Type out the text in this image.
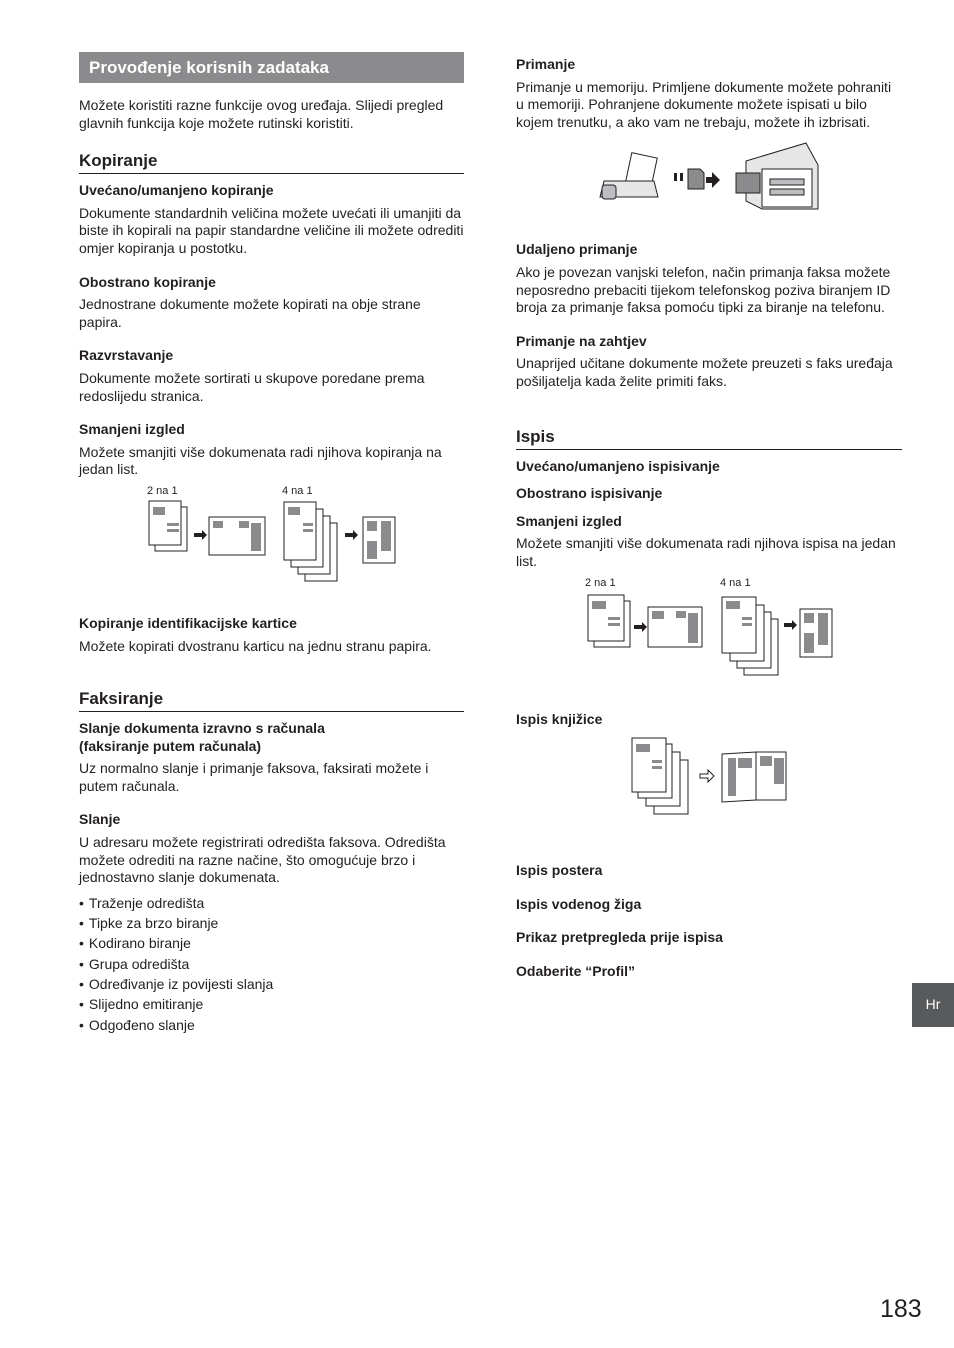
Provođenje korisnih zadataka

Možete koristiti razne funkcije ovog uređaja. Slijedi pregled glavnih funkcija koje možete rutinski koristiti.

Kopiranje
Uvećano/umanjeno kopiranje

Dokumente standardnih veličina možete uvećati ili umanjiti da biste ih kopirali na papir standardne veličine ili možete odrediti omjer kopiranja u postotku.

Obostrano kopiranje

Jednostrane dokumente možete kopirati na obje strane papira.

Razvrstavanje

Dokumente možete sortirati u skupove poredane prema redoslijedu stranica.

Smanjeni izgled

Možete smanjiti više dokumenata radi njihova kopiranja na jedan list.

2 na 1	4 na 1
Kopiranje identifikacijske kartice

Možete kopirati dvostranu karticu na jednu stranu papira.

Faksiranje
Slanje dokumenta izravno s računala
(faksiranje putem računala)

Uz normalno slanje i primanje faksova, faksirati možete i putem računala.

Slanje

U adresaru možete registrirati odredišta faksova. Odredišta možete odrediti na razne načine, što omogućuje brzo i jednostavno slanje dokumenata.

• Traženje odredišta
• Tipke za brzo biranje
• Kodirano biranje
• Grupa odredišta
• Određivanje iz povijesti slanja
• Slijedno emitiranje
• Odgođeno slanje
Primanje

Primanje u memoriju. Primljene dokumente možete pohraniti u memoriji. Pohranjene dokumente možete ispisati u bilo kojem trenutku, a ako vam ne trebaju, možete ih izbrisati.

Udaljeno primanje

Ako je povezan vanjski telefon, način primanja faksa možete neposredno prebaciti tijekom telefonskog poziva biranjem ID broja za primanje faksa pomoću tipki za biranje na telefonu.

Primanje na zahtjev

Unaprijed učitane dokumente možete preuzeti s faks uređaja pošiljatelja kada želite primiti faks.

Ispis
Uvećano/umanjeno ispisivanje
Obostrano ispisivanje
Smanjeni izgled

Možete smanjiti više dokumenata radi njihova ispisa na jedan list.

2 na 1	4 na 1
Ispis knjižice
Ispis postera
Ispis vodenog žiga
Prikaz pretpregleda prije ispisa
Odaberite “Profil”
Hr
183
